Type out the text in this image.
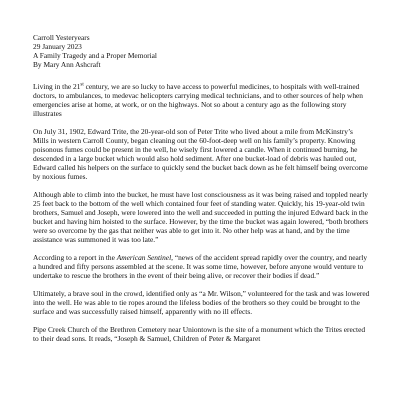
Carroll Yesteryears
29 January 2023
A Family Tragedy and a Proper Memorial
By Mary Ann Ashcraft

Living in the 21st century, we are so lucky to have access to powerful medicines, to hospitals with well-trained doctors, to ambulances, to medevac helicopters carrying medical technicians, and to other sources of help when emergencies arise at home, at work, or on the highways. Not so about a century ago as the following story illustrates

On July 31, 1902, Edward Trite, the 20-year-old son of Peter Trite who lived about a mile from McKinstry’s Mills in western Carroll County, began cleaning out the 60-foot-deep well on his family’s property. Knowing poisonous fumes could be present in the well, he wisely first lowered a candle. When it continued burning, he descended in a large bucket which would also hold sediment. After one bucket-load of debris was hauled out, Edward called his helpers on the surface to quickly send the bucket back down as he felt himself being overcome by noxious fumes.

Although able to climb into the bucket, he must have lost consciousness as it was being raised and toppled nearly 25 feet back to the bottom of the well which contained four feet of standing water. Quickly, his 19-year-old twin brothers, Samuel and Joseph, were lowered into the well and succeeded in putting the injured Edward back in the bucket and having him hoisted to the surface. However, by the time the bucket was again lowered, “both brothers were so overcome by the gas that neither was able to get into it. No other help was at hand, and by the time assistance was summoned it was too late.”

According to a report in the American Sentinel, “news of the accident spread rapidly over the country, and nearly a hundred and fifty persons assembled at the scene. It was some time, however, before anyone would venture to undertake to rescue the brothers in the event of their being alive, or recover their bodies if dead.”

Ultimately, a brave soul in the crowd, identified only as “a Mr. Wilson,” volunteered for the task and was lowered into the well. He was able to tie ropes around the lifeless bodies of the brothers so they could be brought to the surface and was successfully raised himself, apparently with no ill effects.

Pipe Creek Church of the Brethren Cemetery near Uniontown is the site of a monument which the Trites erected to their dead sons. It reads, “Joseph & Samuel, Children of Peter & Margaret
